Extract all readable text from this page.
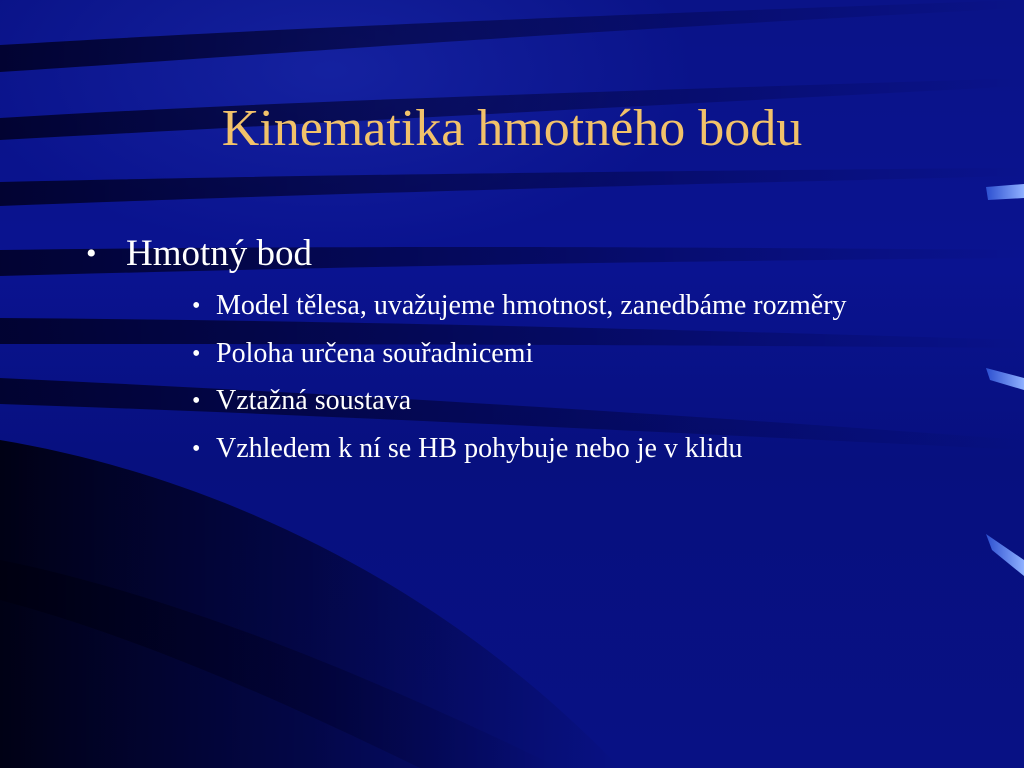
Kinematika hmotného bodu
• Hmotný bod
• Model tělesa, uvažujeme hmotnost, zanedbáme rozměry
• Poloha určena souřadnicemi
• Vztažná soustava
• Vzhledem k ní se HB pohybuje nebo je v klidu
